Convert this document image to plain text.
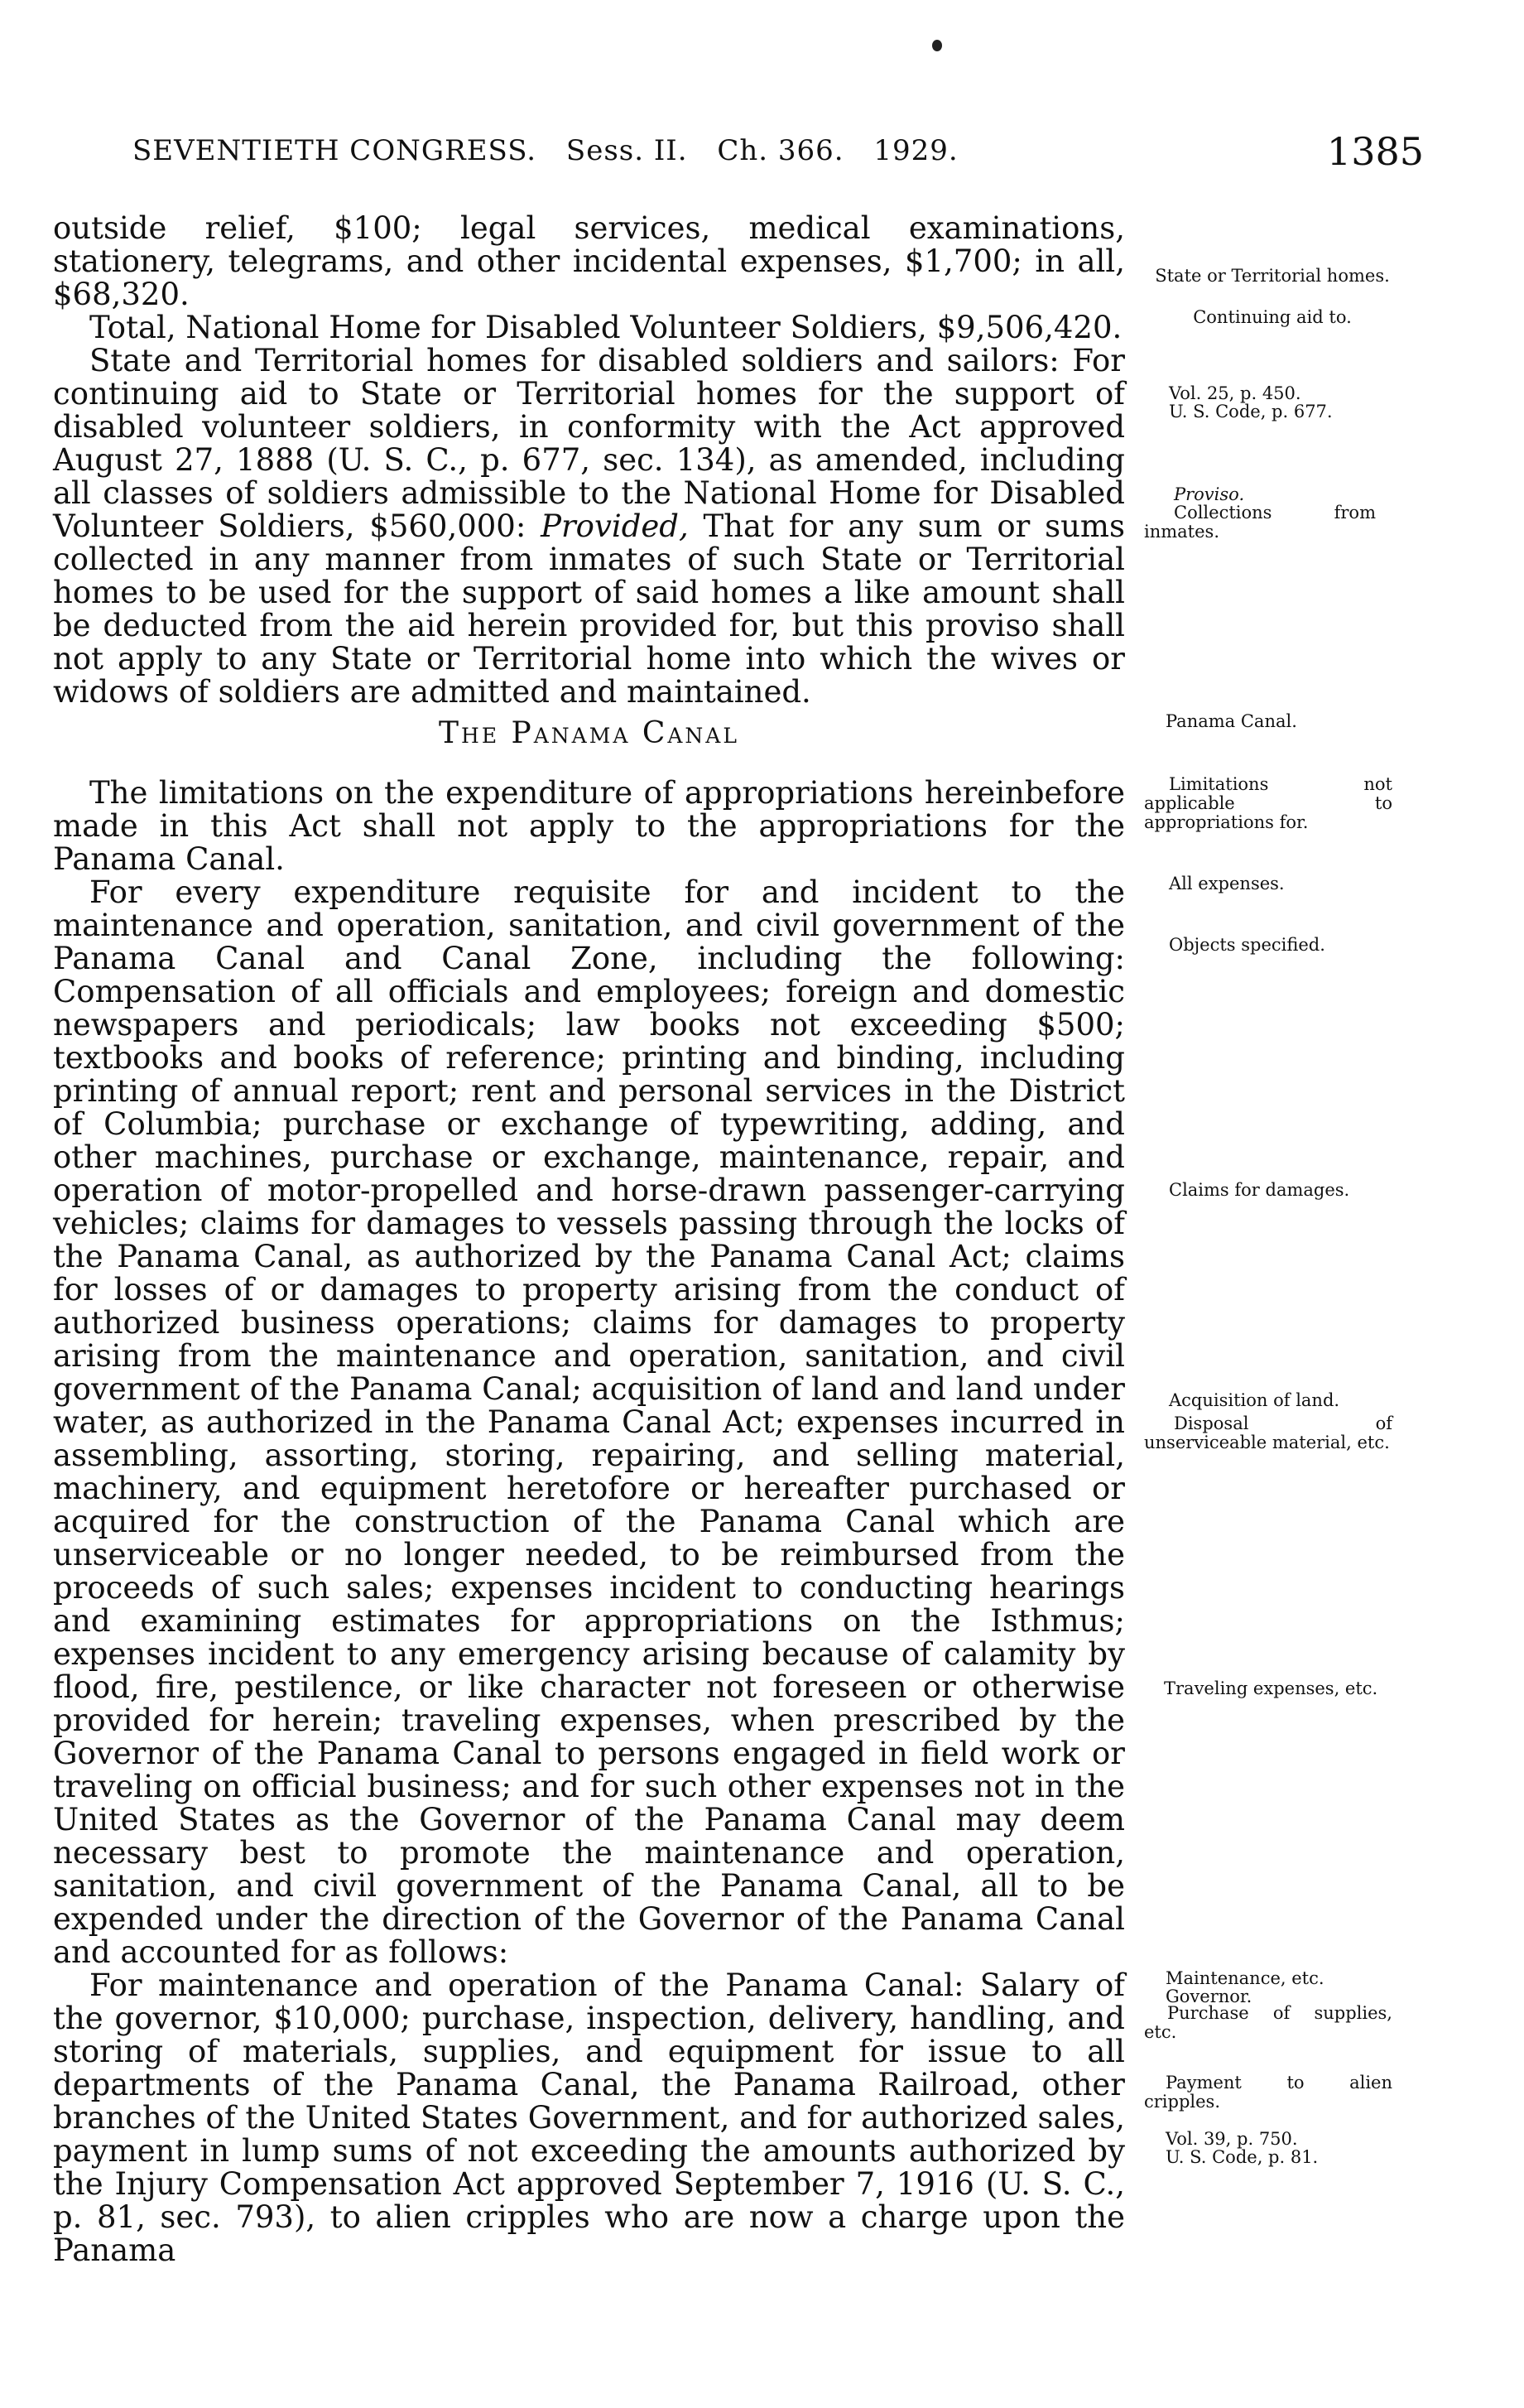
SEVENTIETH CONGRESS. Sess. II. Ch. 366. 1929.	1385

outside relief, $100; legal services, medical examinations, stationery, telegrams, and other incidental expenses, $1,700; in all, $68,320.

Total, National Home for Disabled Volunteer Soldiers, $9,506,420.

State and Territorial homes for disabled soldiers and sailors: For continuing aid to State or Territorial homes for the support of disabled volunteer soldiers, in conformity with the Act approved August 27, 1888 (U. S. C., p. 677, sec. 134), as amended, including all classes of soldiers admissible to the National Home for Disabled Volunteer Soldiers, $560,000: Provided, That for any sum or sums collected in any manner from inmates of such State or Territorial homes to be used for the support of said homes a like amount shall be deducted from the aid herein provided for, but this proviso shall not apply to any State or Territorial home into which the wives or widows of soldiers are admitted and maintained.

The Panama Canal

The limitations on the expenditure of appropriations hereinbefore made in this Act shall not apply to the appropriations for the Panama Canal.

For every expenditure requisite for and incident to the maintenance and operation, sanitation, and civil government of the Panama Canal and Canal Zone, including the following: Compensation of all officials and employees; foreign and domestic newspapers and periodicals; law books not exceeding $500; textbooks and books of reference; printing and binding, including printing of annual report; rent and personal services in the District of Columbia; purchase or exchange of typewriting, adding, and other machines, purchase or exchange, maintenance, repair, and operation of motor-propelled and horse-drawn passenger-carrying vehicles; claims for damages to vessels passing through the locks of the Panama Canal, as authorized by the Panama Canal Act; claims for losses of or damages to property arising from the conduct of authorized business operations; claims for damages to property arising from the maintenance and operation, sanitation, and civil government of the Panama Canal; acquisition of land and land under water, as authorized in the Panama Canal Act; expenses incurred in assembling, assorting, storing, repairing, and selling material, machinery, and equipment heretofore or hereafter purchased or acquired for the construction of the Panama Canal which are unserviceable or no longer needed, to be reimbursed from the proceeds of such sales; expenses incident to conducting hearings and examining estimates for appropriations on the Isthmus; expenses incident to any emergency arising because of calamity by flood, fire, pestilence, or like character not foreseen or otherwise provided for herein; traveling expenses, when prescribed by the Governor of the Panama Canal to persons engaged in field work or traveling on official business; and for such other expenses not in the United States as the Governor of the Panama Canal may deem necessary best to promote the maintenance and operation, sanitation, and civil government of the Panama Canal, all to be expended under the direction of the Governor of the Panama Canal and accounted for as follows:

For maintenance and operation of the Panama Canal: Salary of the governor, $10,000; purchase, inspection, delivery, handling, and storing of materials, supplies, and equipment for issue to all departments of the Panama Canal, the Panama Railroad, other branches of the United States Government, and for authorized sales, payment in lump sums of not exceeding the amounts authorized by the Injury Compensation Act approved September 7, 1916 (U. S. C., p. 81, sec. 793), to alien cripples who are now a charge upon the Panama

State or Territorial homes.

Continuing aid to.

Vol. 25, p. 450.

U. S. Code, p. 677.

Proviso.

Collections from inmates.

Panama Canal.

Limitations not applicable to appropriations for.

All expenses.

Objects specified.

Claims for damages.

Acquisition of land.

Disposal of unserviceable material, etc.

Traveling expenses, etc.

Maintenance, etc.

Governor.

Purchase of supplies, etc.

Payment to alien cripples.

Vol. 39, p. 750.

U. S. Code, p. 81.
